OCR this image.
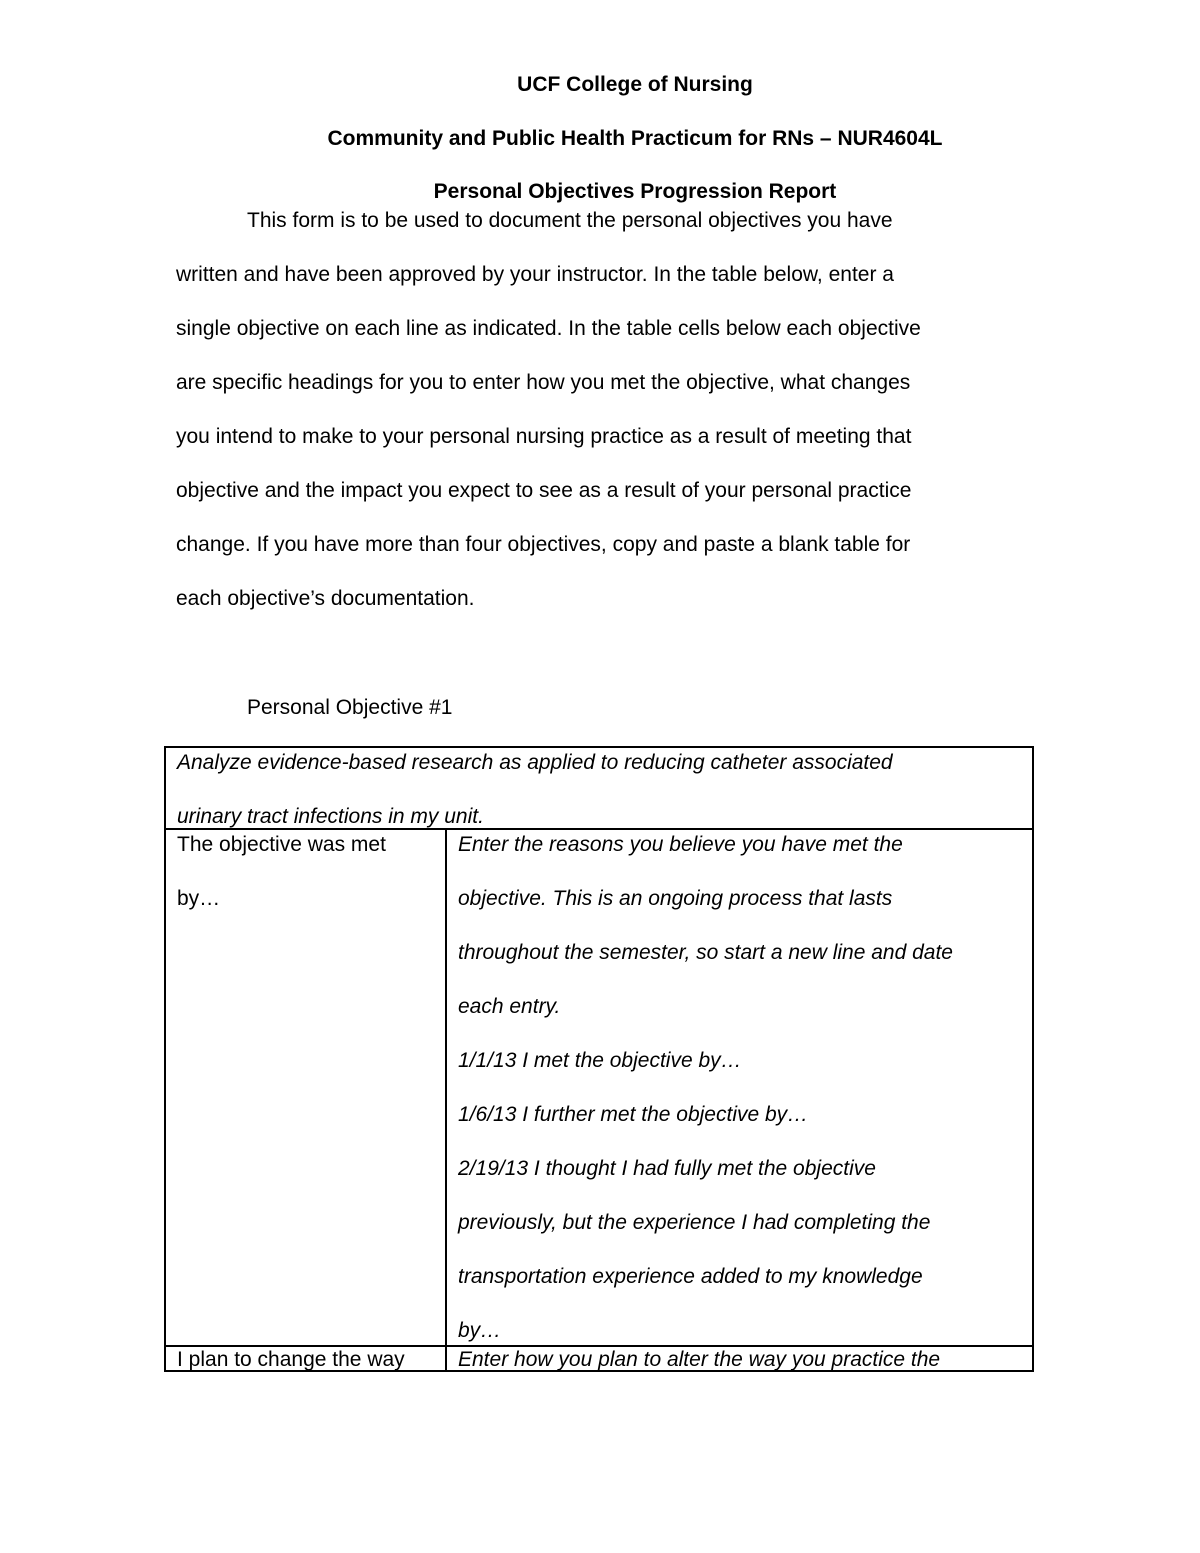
UCF College of Nursing
Community and Public Health Practicum for RNs – NUR4604L
Personal Objectives Progression Report
This form is to be used to document the personal objectives you have
written and have been approved by your instructor. In the table below, enter a
single objective on each line as indicated. In the table cells below each objective
are specific headings for you to enter how you met the objective, what changes
you intend to make to your personal nursing practice as a result of meeting that
objective and the impact you expect to see as a result of your personal practice
change. If you have more than four objectives, copy and paste a blank table for
each objective’s documentation.
Personal Objective #1
Analyze evidence-based research as applied to reducing catheter associated
urinary tract infections in my unit.
The objective was met
by…
Enter the reasons you believe you have met the
objective. This is an ongoing process that lasts
throughout the semester, so start a new line and date
each entry.
1/1/13 I met the objective by…
1/6/13 I further met the objective by…
2/19/13 I thought I had fully met the objective
previously, but the experience I had completing the
transportation experience added to my knowledge
by…
I plan to change the way	Enter how you plan to alter the way you practice the
